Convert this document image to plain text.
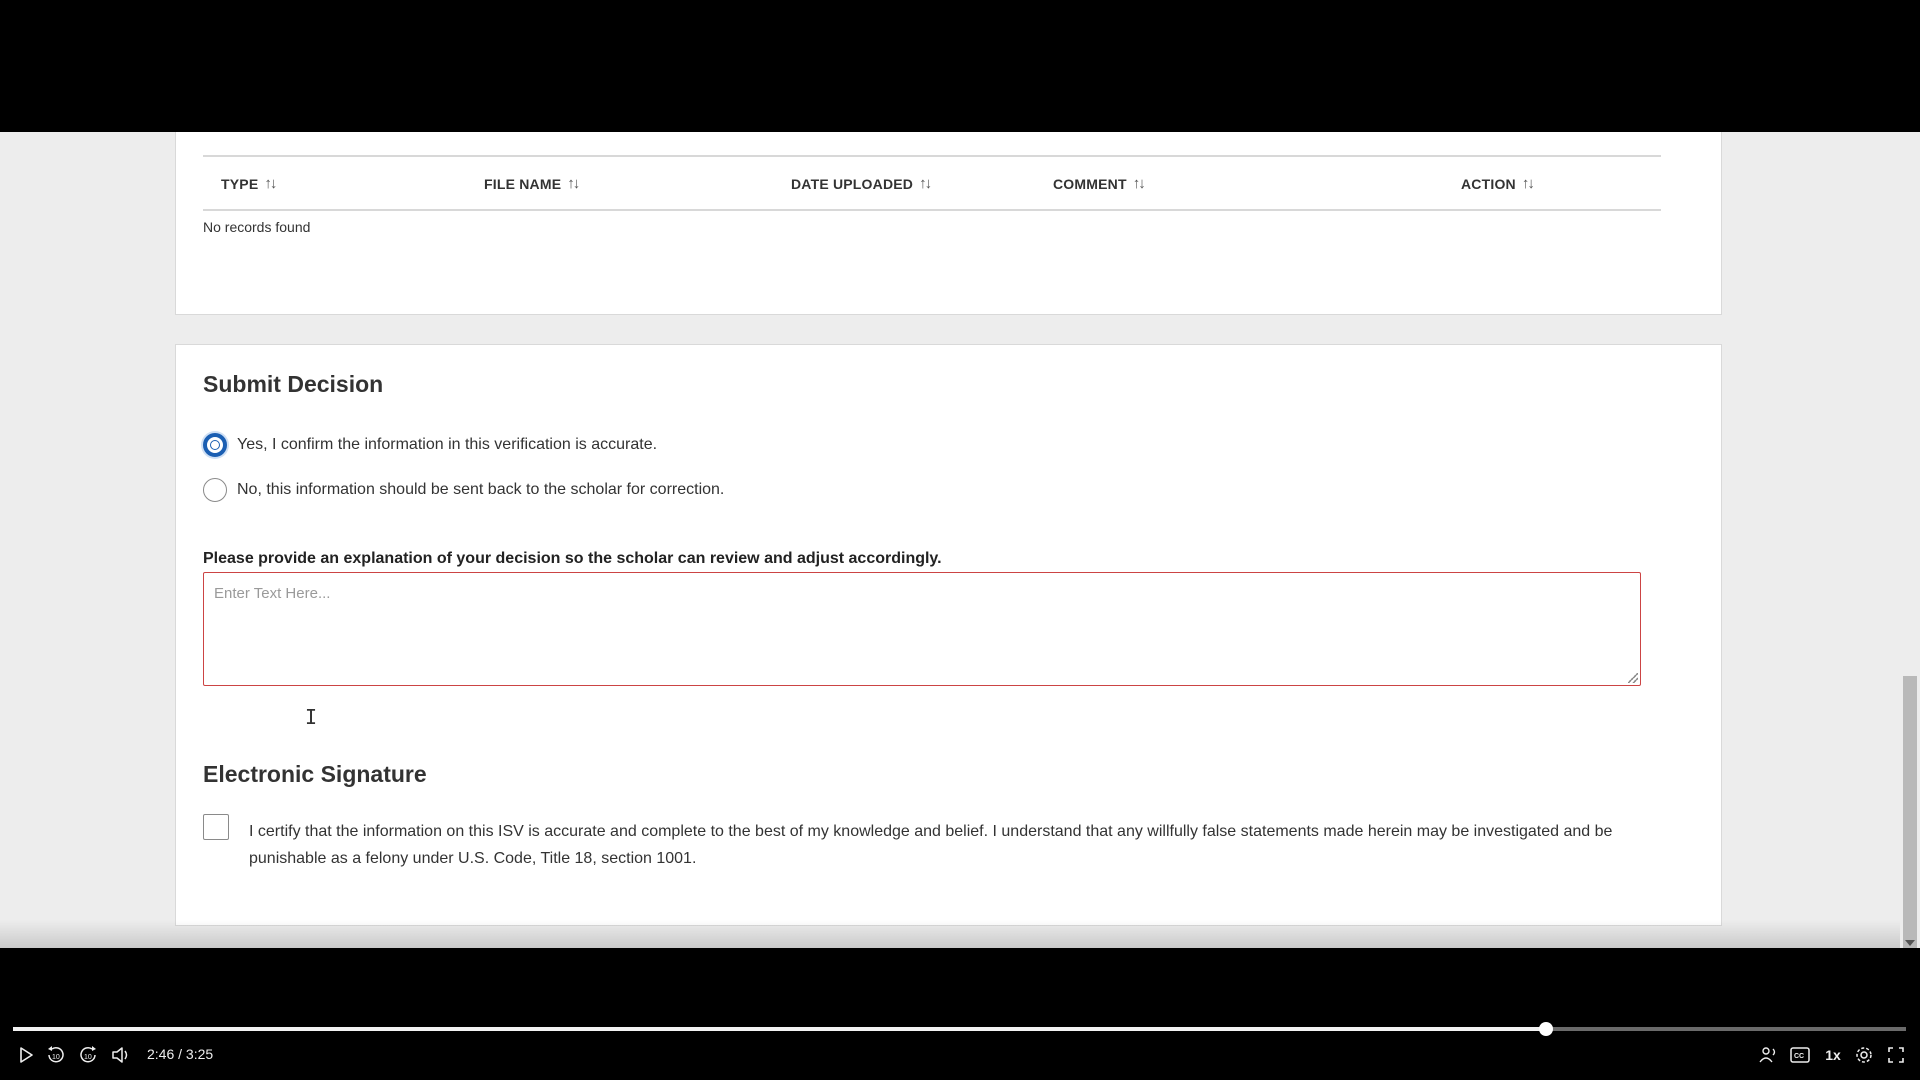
TYPE ↑↓	FILE NAME ↑↓	DATE UPLOADED ↑↓	COMMENT ↑↓	ACTION ↑↓
No records found
Submit Decision
Yes, I confirm the information in this verification is accurate.
No, this information should be sent back to the scholar for correction.
Please provide an explanation of your decision so the scholar can review and adjust accordingly.
Enter Text Here...
Electronic Signature
I certify that the information on this ISV is accurate and complete to the best of my knowledge and belief. I understand that any willfully false statements made herein may be investigated and be punishable as a felony under U.S. Code, Title 18, section 1001.
I
10	10	2:46 / 3:25	CC	1x
